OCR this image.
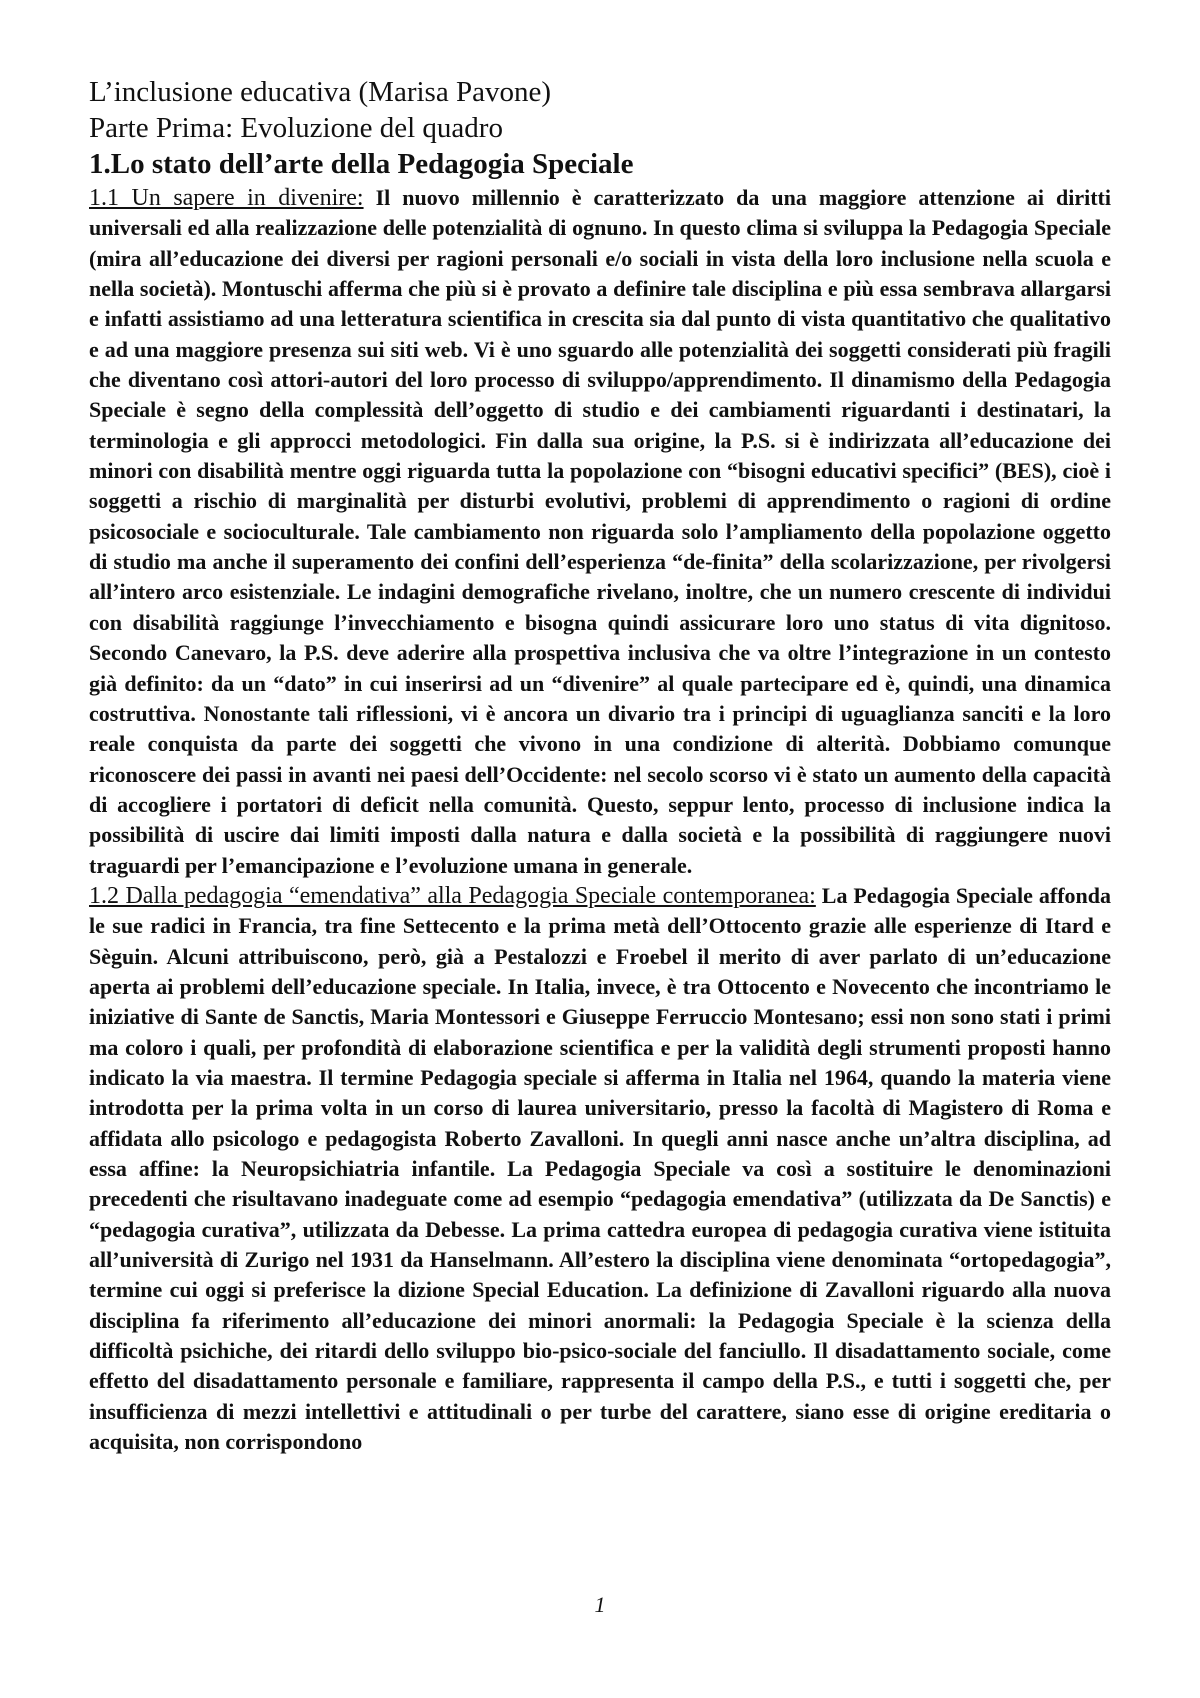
L’inclusione educativa (Marisa Pavone)
Parte Prima: Evoluzione del quadro
1.Lo stato dell’arte della Pedagogia Speciale

1.1 Un sapere in divenire: Il nuovo millennio è caratterizzato da una maggiore attenzione ai diritti universali ed alla realizzazione delle potenzialità di ognuno. In questo clima si sviluppa la Pedagogia Speciale (mira all’educazione dei diversi per ragioni personali e/o sociali in vista della loro inclusione nella scuola e nella società). Montuschi afferma che più si è provato a definire tale disciplina e più essa sembrava allargarsi e infatti assistiamo ad una letteratura scientifica in crescita sia dal punto di vista quantitativo che qualitativo e ad una maggiore presenza sui siti web. Vi è uno sguardo alle potenzialità dei soggetti considerati più fragili che diventano così attori-autori del loro processo di sviluppo/apprendimento. Il dinamismo della Pedagogia Speciale è segno della complessità dell’oggetto di studio e dei cambiamenti riguardanti i destinatari, la terminologia e gli approcci metodologici. Fin dalla sua origine, la P.S. si è indirizzata all’educazione dei minori con disabilità mentre oggi riguarda tutta la popolazione con “bisogni educativi specifici” (BES), cioè i soggetti a rischio di marginalità per disturbi evolutivi, problemi di apprendimento o ragioni di ordine psicosociale e socioculturale. Tale cambiamento non riguarda solo l’ampliamento della popolazione oggetto di studio ma anche il superamento dei confini dell’esperienza “de-finita” della scolarizzazione, per rivolgersi all’intero arco esistenziale. Le indagini demografiche rivelano, inoltre, che un numero crescente di individui con disabilità raggiunge l’invecchiamento e bisogna quindi assicurare loro uno status di vita dignitoso. Secondo Canevaro, la P.S. deve aderire alla prospettiva inclusiva che va oltre l’integrazione in un contesto già definito: da un “dato” in cui inserirsi ad un “divenire” al quale partecipare ed è, quindi, una dinamica costruttiva. Nonostante tali riflessioni, vi è ancora un divario tra i principi di uguaglianza sanciti e la loro reale conquista da parte dei soggetti che vivono in una condizione di alterità. Dobbiamo comunque riconoscere dei passi in avanti nei paesi dell’Occidente: nel secolo scorso vi è stato un aumento della capacità di accogliere i portatori di deficit nella comunità. Questo, seppur lento, processo di inclusione indica la possibilità di uscire dai limiti imposti dalla natura e dalla società e la possibilità di raggiungere nuovi traguardi per l’emancipazione e l’evoluzione umana in generale.

1.2 Dalla pedagogia “emendativa” alla Pedagogia Speciale contemporanea: La Pedagogia Speciale affonda le sue radici in Francia, tra fine Settecento e la prima metà dell’Ottocento grazie alle esperienze di Itard e Sèguin. Alcuni attribuiscono, però, già a Pestalozzi e Froebel il merito di aver parlato di un’educazione aperta ai problemi dell’educazione speciale. In Italia, invece, è tra Ottocento e Novecento che incontriamo le iniziative di Sante de Sanctis, Maria Montessori e Giuseppe Ferruccio Montesano; essi non sono stati i primi ma coloro i quali, per profondità di elaborazione scientifica e per la validità degli strumenti proposti hanno indicato la via maestra. Il termine Pedagogia speciale si afferma in Italia nel 1964, quando la materia viene introdotta per la prima volta in un corso di laurea universitario, presso la facoltà di Magistero di Roma e affidata allo psicologo e pedagogista Roberto Zavalloni. In quegli anni nasce anche un’altra disciplina, ad essa affine: la Neuropsichiatria infantile. La Pedagogia Speciale va così a sostituire le denominazioni precedenti che risultavano inadeguate come ad esempio “pedagogia emendativa” (utilizzata da De Sanctis) e “pedagogia curativa”, utilizzata da Debesse. La prima cattedra europea di pedagogia curativa viene istituita all’università di Zurigo nel 1931 da Hanselmann. All’estero la disciplina viene denominata “ortopedagogia”, termine cui oggi si preferisce la dizione Special Education. La definizione di Zavalloni riguardo alla nuova disciplina fa riferimento all’educazione dei minori anormali: la Pedagogia Speciale è la scienza della difficoltà psichiche, dei ritardi dello sviluppo bio-psico-sociale del fanciullo. Il disadattamento sociale, come effetto del disadattamento personale e familiare, rappresenta il campo della P.S., e tutti i soggetti che, per insufficienza di mezzi intellettivi e attitudinali o per turbe del carattere, siano esse di origine ereditaria o acquisita, non corrispondono

1
